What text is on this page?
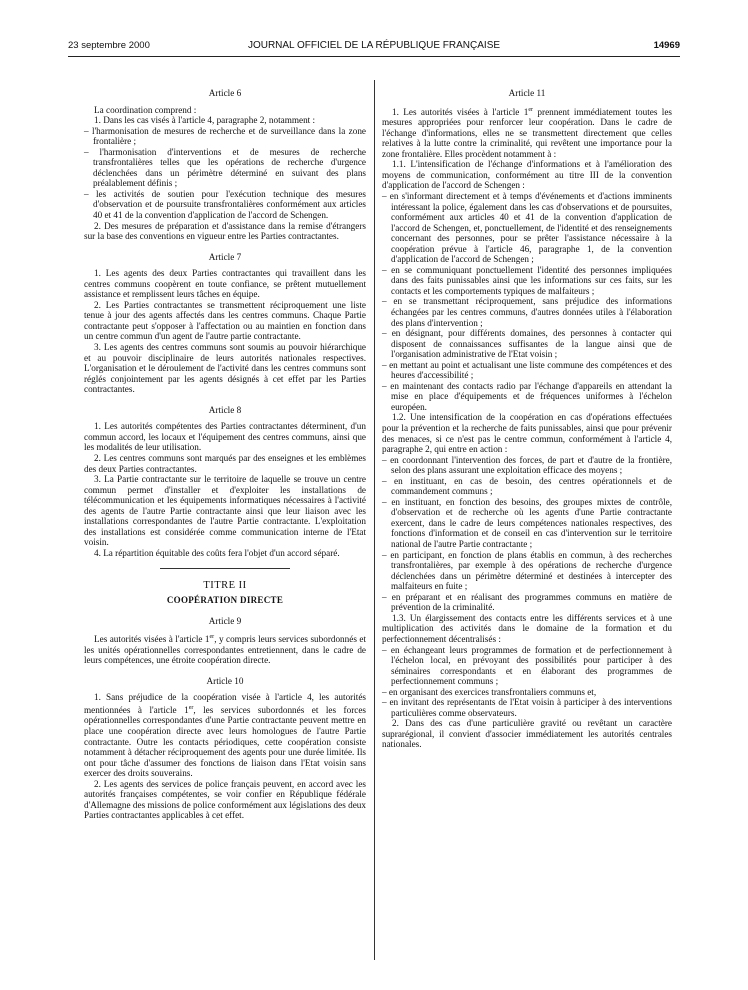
23 septembre 2000	JOURNAL OFFICIEL DE LA RÉPUBLIQUE FRANÇAISE	14969
Article 6

La coordination comprend :

1. Dans les cas visés à l'article 4, paragraphe 2, notamment :

– l'harmonisation de mesures de recherche et de surveillance dans la zone frontalière ;

– l'harmonisation d'interventions et de mesures de recherche transfrontalières telles que les opérations de recherche d'urgence déclenchées dans un périmètre déterminé en suivant des plans préalablement définis ;

– les activités de soutien pour l'exécution technique des mesures d'observation et de poursuite transfrontalières conformément aux articles 40 et 41 de la convention d'application de l'accord de Schengen.

2. Des mesures de préparation et d'assistance dans la remise d'étrangers sur la base des conventions en vigueur entre les Parties contractantes.

Article 7

1. Les agents des deux Parties contractantes qui travaillent dans les centres communs coopèrent en toute confiance, se prêtent mutuellement assistance et remplissent leurs tâches en équipe.

2. Les Parties contractantes se transmettent réciproquement une liste tenue à jour des agents affectés dans les centres communs. Chaque Partie contractante peut s'opposer à l'affectation ou au maintien en fonction dans un centre commun d'un agent de l'autre partie contractante.

3. Les agents des centres communs sont soumis au pouvoir hiérarchique et au pouvoir disciplinaire de leurs autorités nationales respectives. L'organisation et le déroulement de l'activité dans les centres communs sont réglés conjointement par les agents désignés à cet effet par les Parties contractantes.

Article 8

1. Les autorités compétentes des Parties contractantes déterminent, d'un commun accord, les locaux et l'équipement des centres communs, ainsi que les modalités de leur utilisation.

2. Les centres communs sont marqués par des enseignes et les emblèmes des deux Parties contractantes.

3. La Partie contractante sur le territoire de laquelle se trouve un centre commun permet d'installer et d'exploiter les installations de télécommunication et les équipements informatiques nécessaires à l'activité des agents de l'autre Partie contractante ainsi que leur liaison avec les installations correspondantes de l'autre Partie contractante. L'exploitation des installations est considérée comme communication interne de l'Etat voisin.

4. La répartition équitable des coûts fera l'objet d'un accord séparé.

TITRE II
COOPÉRATION DIRECTE
Article 9

Les autorités visées à l'article 1er, y compris leurs services subordonnés et les unités opérationnelles correspondantes entretiennent, dans le cadre de leurs compétences, une étroite coopération directe.

Article 10

1. Sans préjudice de la coopération visée à l'article 4, les autorités mentionnées à l'article 1er, les services subordonnés et les forces opérationnelles correspondantes d'une Partie contractante peuvent mettre en place une coopération directe avec leurs homologues de l'autre Partie contractante. Outre les contacts périodiques, cette coopération consiste notamment à détacher réciproquement des agents pour une durée limitée. Ils ont pour tâche d'assumer des fonctions de liaison dans l'Etat voisin sans exercer des droits souverains.

2. Les agents des services de police français peuvent, en accord avec les autorités françaises compétentes, se voir confier en République fédérale d'Allemagne des missions de police conformément aux législations des deux Parties contractantes applicables à cet effet.

Article 11

1. Les autorités visées à l'article 1er prennent immédiatement toutes les mesures appropriées pour renforcer leur coopération. Dans le cadre de l'échange d'informations, elles ne se transmettent directement que celles relatives à la lutte contre la criminalité, qui revêtent une importance pour la zone frontalière. Elles procèdent notamment à :

1.1. L'intensification de l'échange d'informations et à l'amélioration des moyens de communication, conformément au titre III de la convention d'application de l'accord de Schengen :

– en s'informant directement et à temps d'événements et d'actions imminents intéressant la police, également dans les cas d'observations et de poursuites, conformément aux articles 40 et 41 de la convention d'application de l'accord de Schengen, et, ponctuellement, de l'identité et des renseignements concernant des personnes, pour se prêter l'assistance nécessaire à la coopération prévue à l'article 46, paragraphe 1, de la convention d'application de l'accord de Schengen ;

– en se communiquant ponctuellement l'identité des personnes impliquées dans des faits punissables ainsi que les informations sur ces faits, sur les contacts et les comportements typiques de malfaiteurs ;

– en se transmettant réciproquement, sans préjudice des informations échangées par les centres communs, d'autres données utiles à l'élaboration des plans d'intervention ;

– en désignant, pour différents domaines, des personnes à contacter qui disposent de connaissances suffisantes de la langue ainsi que de l'organisation administrative de l'Etat voisin ;

– en mettant au point et actualisant une liste commune des compétences et des heures d'accessibilité ;

– en maintenant des contacts radio par l'échange d'appareils en attendant la mise en place d'équipements et de fréquences uniformes à l'échelon européen.

1.2. Une intensification de la coopération en cas d'opérations effectuées pour la prévention et la recherche de faits punissables, ainsi que pour prévenir des menaces, si ce n'est pas le centre commun, conformément à l'article 4, paragraphe 2, qui entre en action :

– en coordonnant l'intervention des forces, de part et d'autre de la frontière, selon des plans assurant une exploitation efficace des moyens ;

– en instituant, en cas de besoin, des centres opérationnels et de commandement communs ;

– en instituant, en fonction des besoins, des groupes mixtes de contrôle, d'observation et de recherche où les agents d'une Partie contractante exercent, dans le cadre de leurs compétences nationales respectives, des fonctions d'information et de conseil en cas d'intervention sur le territoire national de l'autre Partie contractante ;

– en participant, en fonction de plans établis en commun, à des recherches transfrontalières, par exemple à des opérations de recherche d'urgence déclenchées dans un périmètre déterminé et destinées à intercepter des malfaiteurs en fuite ;

– en préparant et en réalisant des programmes communs en matière de prévention de la criminalité.

1.3. Un élargissement des contacts entre les différents services et à une multiplication des activités dans le domaine de la formation et du perfectionnement décentralisés :

– en échangeant leurs programmes de formation et de perfectionnement à l'échelon local, en prévoyant des possibilités pour participer à des séminaires correspondants et en élaborant des programmes de perfectionnement communs ;

– en organisant des exercices transfrontaliers communs et,

– en invitant des représentants de l'Etat voisin à participer à des interventions particulières comme observateurs.

2. Dans des cas d'une particulière gravité ou revêtant un caractère suprarégional, il convient d'associer immédiatement les autorités centrales nationales.
